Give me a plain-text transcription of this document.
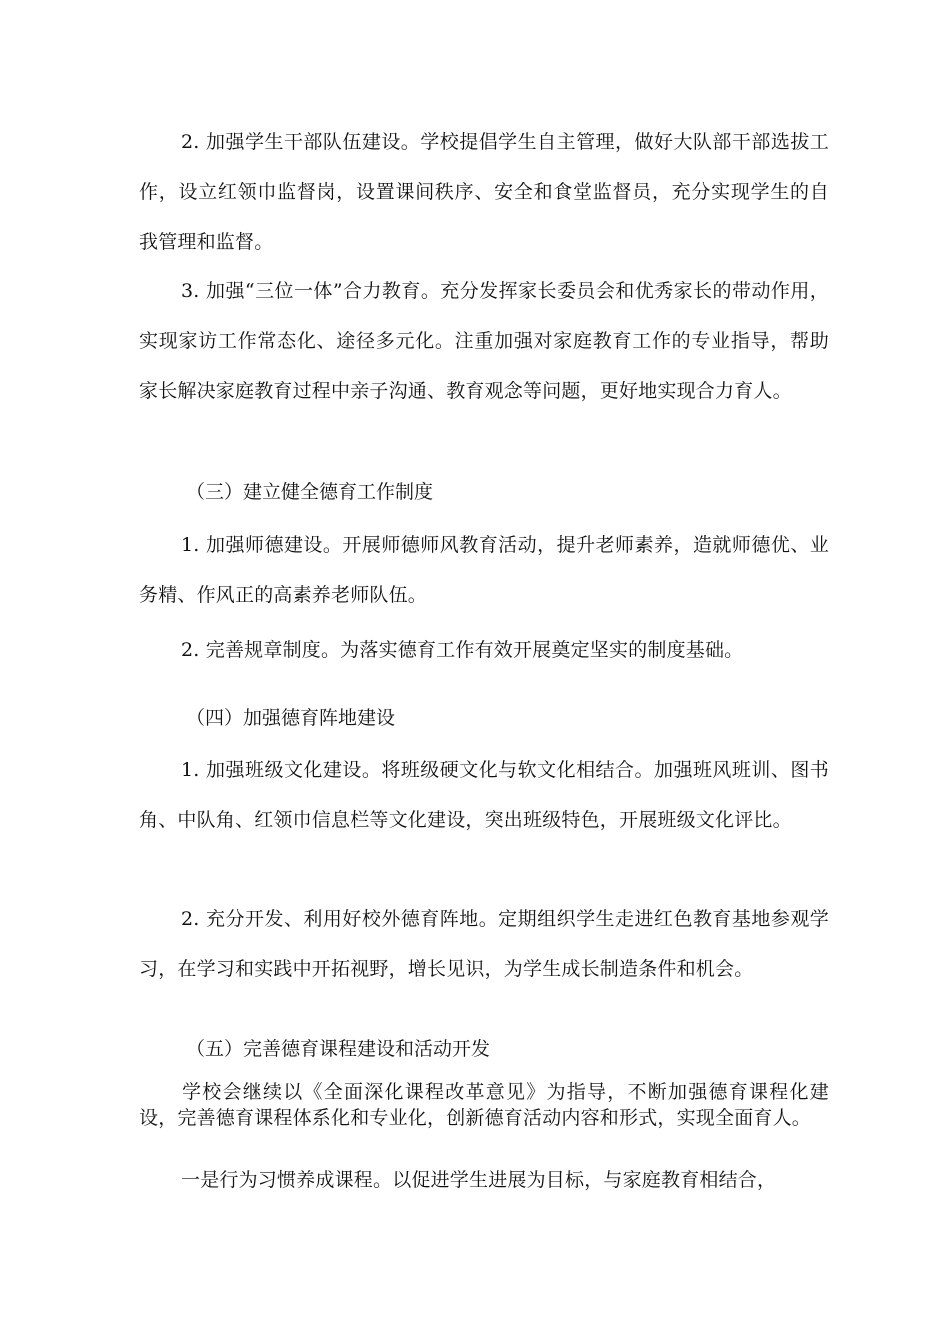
2. 加强学生干部队伍建设。学校提倡学生自主管理，做好大队部干部选拔工作，设立红领巾监督岗，设置课间秩序、安全和食堂监督员，充分实现学生的自我管理和监督。

3. 加强“三位一体”合力教育。充分发挥家长委员会和优秀家长的带动作用，实现家访工作常态化、途径多元化。注重加强对家庭教育工作的专业指导，帮助家长解决家庭教育过程中亲子沟通、教育观念等问题，更好地实现合力育人。

（三）建立健全德育工作制度

1. 加强师德建设。开展师德师风教育活动，提升老师素养，造就师德优、业务精、作风正的高素养老师队伍。

2. 完善规章制度。为落实德育工作有效开展奠定坚实的制度基础。

（四）加强德育阵地建设

1. 加强班级文化建设。将班级硬文化与软文化相结合。加强班风班训、图书角、中队角、红领巾信息栏等文化建设，突出班级特色，开展班级文化评比。

2. 充分开发、利用好校外德育阵地。定期组织学生走进红色教育基地参观学习，在学习和实践中开拓视野，增长见识，为学生成长制造条件和机会。

（五）完善德育课程建设和活动开发

学校会继续以《全面深化课程改革意见》为指导，不断加强德育课程化建设，完善德育课程体系化和专业化，创新德育活动内容和形式，实现全面育人。

一是行为习惯养成课程。以促进学生进展为目标，与家庭教育相结合，
